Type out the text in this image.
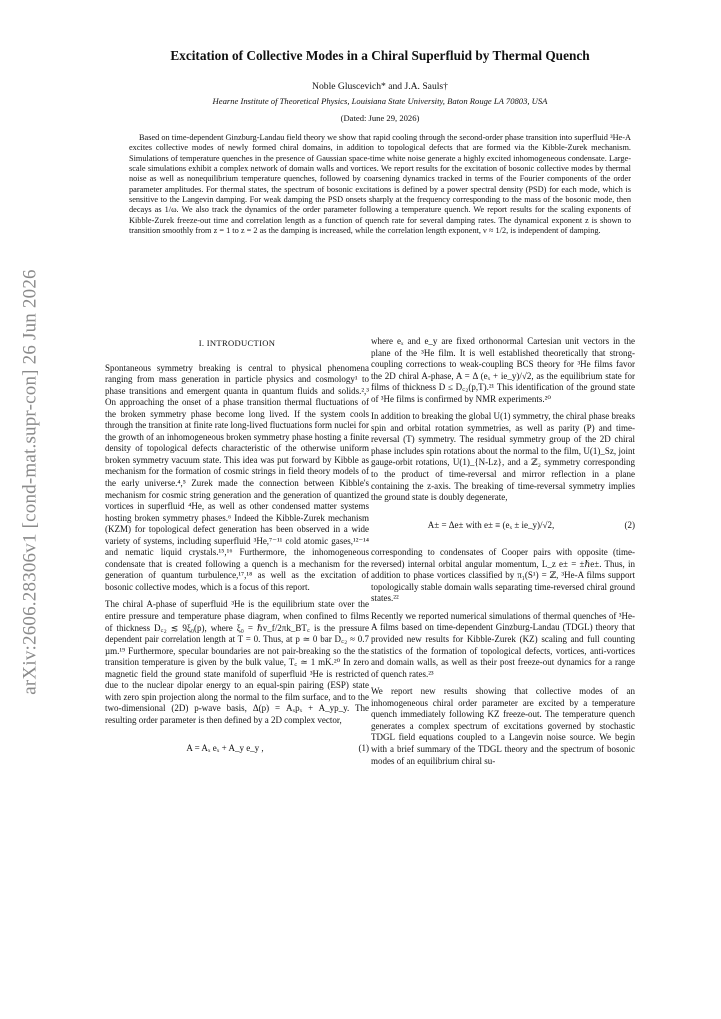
arXiv:2606.28306v1 [cond-mat.supr-con] 26 Jun 2026
Excitation of Collective Modes in a Chiral Superfluid by Thermal Quench
Noble Gluscevich* and J.A. Sauls†
Hearne Institute of Theoretical Physics, Louisiana State University, Baton Rouge LA 70803, USA
(Dated: June 29, 2026)
Based on time-dependent Ginzburg-Landau field theory we show that rapid cooling through the second-order phase transition into superfluid ³He-A excites collective modes of newly formed chiral domains, in addition to topological defects that are formed via the Kibble-Zurek mechanism. Simulations of temperature quenches in the presence of Gaussian space-time white noise generate a highly excited inhomogeneous condensate. Large-scale simulations exhibit a complex network of domain walls and vortices. We report results for the excitation of bosonic collective modes by thermal noise as well as nonequilibrium temperature quenches, followed by coarsening dynamics tracked in terms of the Fourier components of the order parameter amplitudes. For thermal states, the spectrum of bosonic excitations is defined by a power spectral density (PSD) for each mode, which is sensitive to the Langevin damping. For weak damping the PSD onsets sharply at the frequency corresponding to the mass of the bosonic mode, then decays as 1/ω. We also track the dynamics of the order parameter following a temperature quench. We report results for the scaling exponents of Kibble-Zurek freeze-out time and correlation length as a function of quench rate for several damping rates. The dynamical exponent z is shown to transition smoothly from z = 1 to z = 2 as the damping is increased, while the correlation length exponent, ν ≈ 1/2, is independent of damping.
I. INTRODUCTION

Spontaneous symmetry breaking is central to physical phenomena ranging from mass generation in particle physics and cosmology¹ to phase transitions and emergent quanta in quantum fluids and solids.²,³ On approaching the onset of a phase transition thermal fluctuations of the broken symmetry phase become long lived. If the system cools through the transition at finite rate long-lived fluctuations form nuclei for the growth of an inhomogeneous broken symmetry phase hosting a finite density of topological defects characteristic of the otherwise uniform broken symmetry vacuum state. This idea was put forward by Kibble as mechanism for the formation of cosmic strings in field theory models of the early universe.⁴,⁵ Zurek made the connection between Kibble's mechanism for cosmic string generation and the generation of quantized vortices in superfluid ⁴He, as well as other condensed matter systems hosting broken symmetry phases.⁶ Indeed the Kibble-Zurek mechanism (KZM) for topological defect generation has been observed in a wide variety of systems, including superfluid ³He,⁷⁻¹¹ cold atomic gases,¹²⁻¹⁴ and nematic liquid crystals.¹⁵,¹⁶ Furthermore, the inhomogeneous condensate that is created following a quench is a mechanism for the generation of quantum turbulence,¹⁷,¹⁸ as well as the excitation of bosonic collective modes, which is a focus of this report.

The chiral A-phase of superfluid ³He is the equilibrium state over the entire pressure and temperature phase diagram, when confined to films of thickness D꜀₂ ≲ 9ξ₀(p), where ξ₀ = ℏv_f/2πk_BT꜀ is the pressure dependent pair correlation length at T = 0. Thus, at p ≃ 0 bar D꜀₂ ≈ 0.7 µm.¹⁹ Furthermore, specular boundaries are not pair-breaking so the the transition temperature is given by the bulk value, T꜀ ≃ 1 mK.²⁰ In zero magnetic field the ground state manifold of superfluid ³He is restricted due to the nuclear dipolar energy to an equal-spin pairing (ESP) state with zero spin projection along the normal to the film surface, and to the two-dimensional (2D) p-wave basis, Δ(p) = Aₓpₓ + A_yp_y. The resulting order parameter is then defined by a 2D complex vector,

A = Aₓ eₓ + A_y e_y ,	(1)

where eₓ and e_y are fixed orthonormal Cartesian unit vectors in the plane of the ³He film. It is well established theoretically that strong-coupling corrections to weak-coupling BCS theory for ³He films favor the 2D chiral A-phase, A = Δ (eₓ + ie_y)/√2, as the equilibrium state for films of thickness D ≤ D꜀₂(p,T).²¹ This identification of the ground state of ³He films is confirmed by NMR experiments.²⁰

In addition to breaking the global U(1) symmetry, the chiral phase breaks spin and orbital rotation symmetries, as well as parity (P) and time-reversal (T) symmetry. The residual symmetry group of the 2D chiral phase includes spin rotations about the normal to the film, U(1)_Sz, joint gauge-orbit rotations, U(1)_{N-Lz}, and a ℤ₂ symmetry corresponding to the product of time-reversal and mirror reflection in a plane containing the z-axis. The breaking of time-reversal symmetry implies the ground state is doubly degenerate,

A± = Δe± with e± ≡ (eₓ ± ie_y)/√2,	(2)

corresponding to condensates of Cooper pairs with opposite (time-reversed) internal orbital angular momentum, L_z e± = ±ℏe±. Thus, in addition to phase vortices classified by π₁(S¹) = ℤ, ³He-A films support topologically stable domain walls separating time-reversed chiral ground states.²²

Recently we reported numerical simulations of thermal quenches of ³He-A films based on time-dependent Ginzburg-Landau (TDGL) theory that provided new results for Kibble-Zurek (KZ) scaling and full counting statistics of the formation of topological defects, vortices, anti-vortices and domain walls, as well as their post freeze-out dynamics for a range of quench rates.²³

We report new results showing that collective modes of an inhomogeneous chiral order parameter are excited by a temperature quench immediately following KZ freeze-out. The temperature quench generates a complex spectrum of excitations governed by stochastic TDGL field equations coupled to a Langevin noise source. We begin with a brief summary of the TDGL theory and the spectrum of bosonic modes of an equilibrium chiral su-
